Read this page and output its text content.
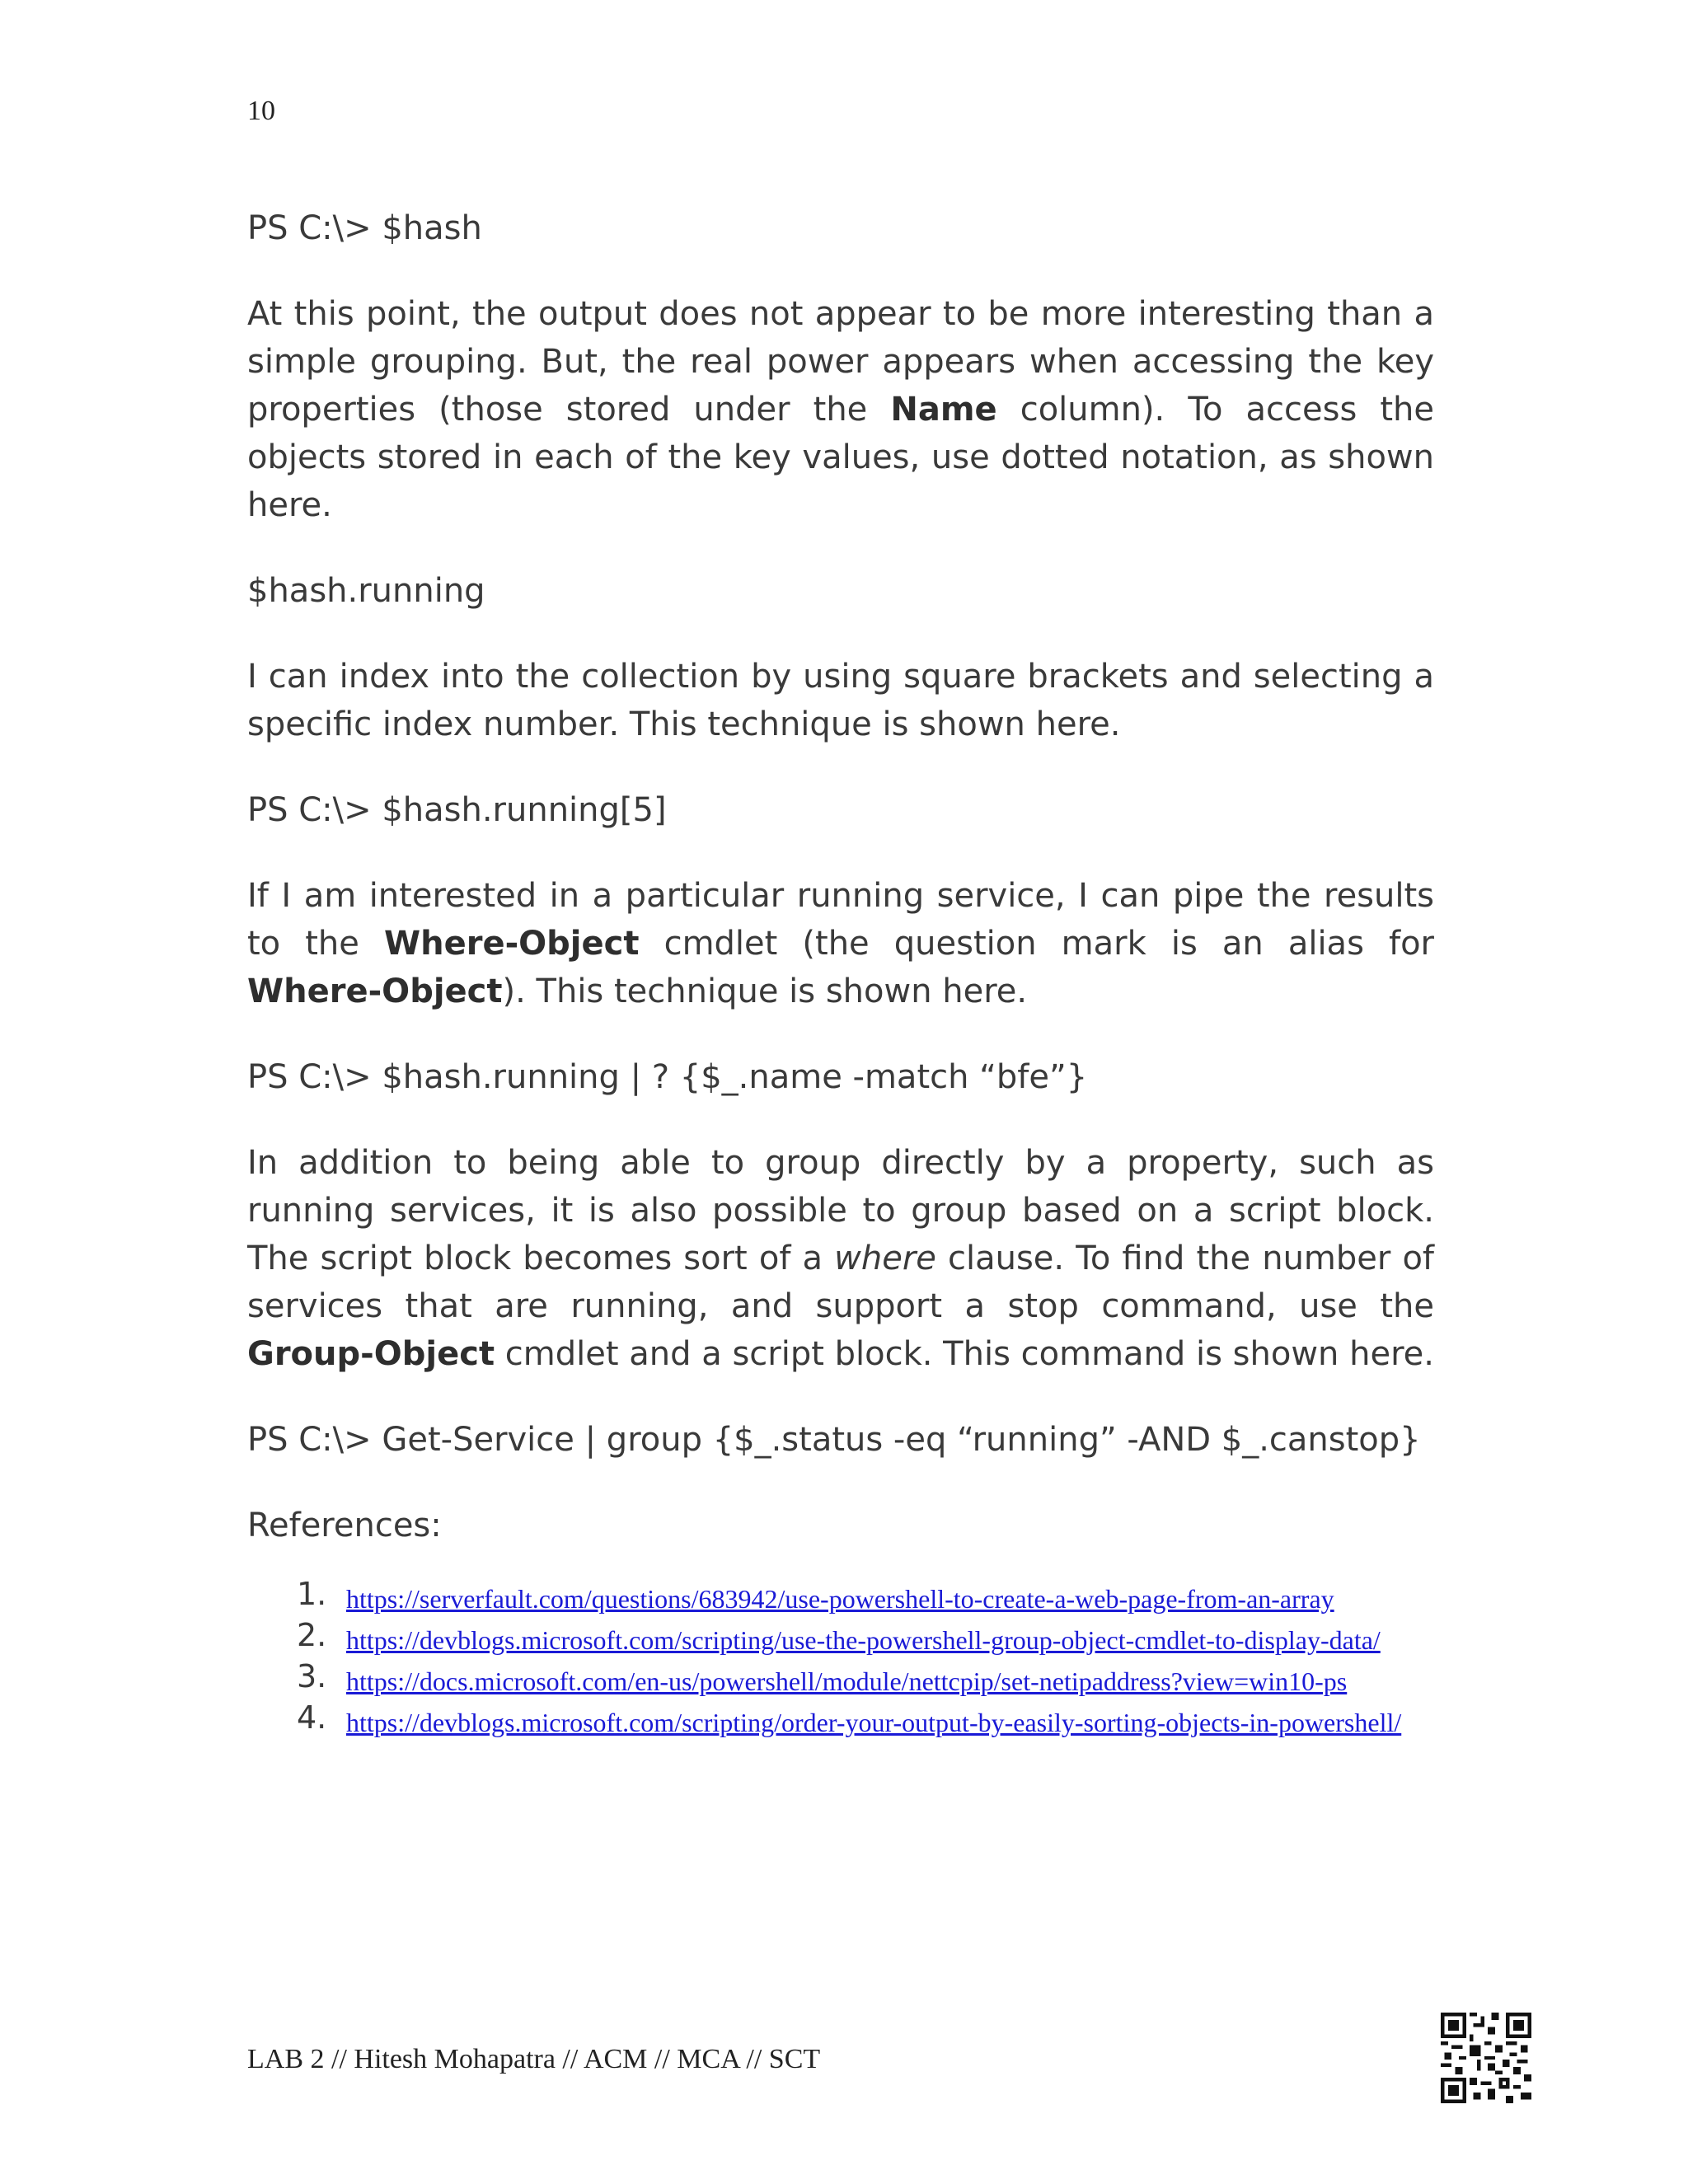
10

PS C:\> $hash

At this point, the output does not appear to be more interesting than a simple grouping. But, the real power appears when accessing the key properties (those stored under the Name column). To access the objects stored in each of the key values, use dotted notation, as shown here.

$hash.running

I can index into the collection by using square brackets and selecting a specific index number. This technique is shown here.

PS C:\> $hash.running[5]

If I am interested in a particular running service, I can pipe the results to the Where-Object cmdlet (the question mark is an alias for Where-Object). This technique is shown here.

PS C:\> $hash.running | ? {$_.name -match “bfe”}

In addition to being able to group directly by a property, such as running services, it is also possible to group based on a script block. The script block becomes sort of a where clause. To find the number of services that are running, and support a stop command, use the Group-Object cmdlet and a script block. This command is shown here.

PS C:\> Get-Service | group {$_.status -eq “running” -AND $_.canstop}

References:

1. https://serverfault.com/questions/683942/use-powershell-to-create-a-web-page-from-an-array
2. https://devblogs.microsoft.com/scripting/use-the-powershell-group-object-cmdlet-to-display-data/
3. https://docs.microsoft.com/en-us/powershell/module/nettcpip/set-netipaddress?view=win10-ps
4. https://devblogs.microsoft.com/scripting/order-your-output-by-easily-sorting-objects-in-powershell/
LAB 2 // Hitesh Mohapatra // ACM // MCA // SCT
